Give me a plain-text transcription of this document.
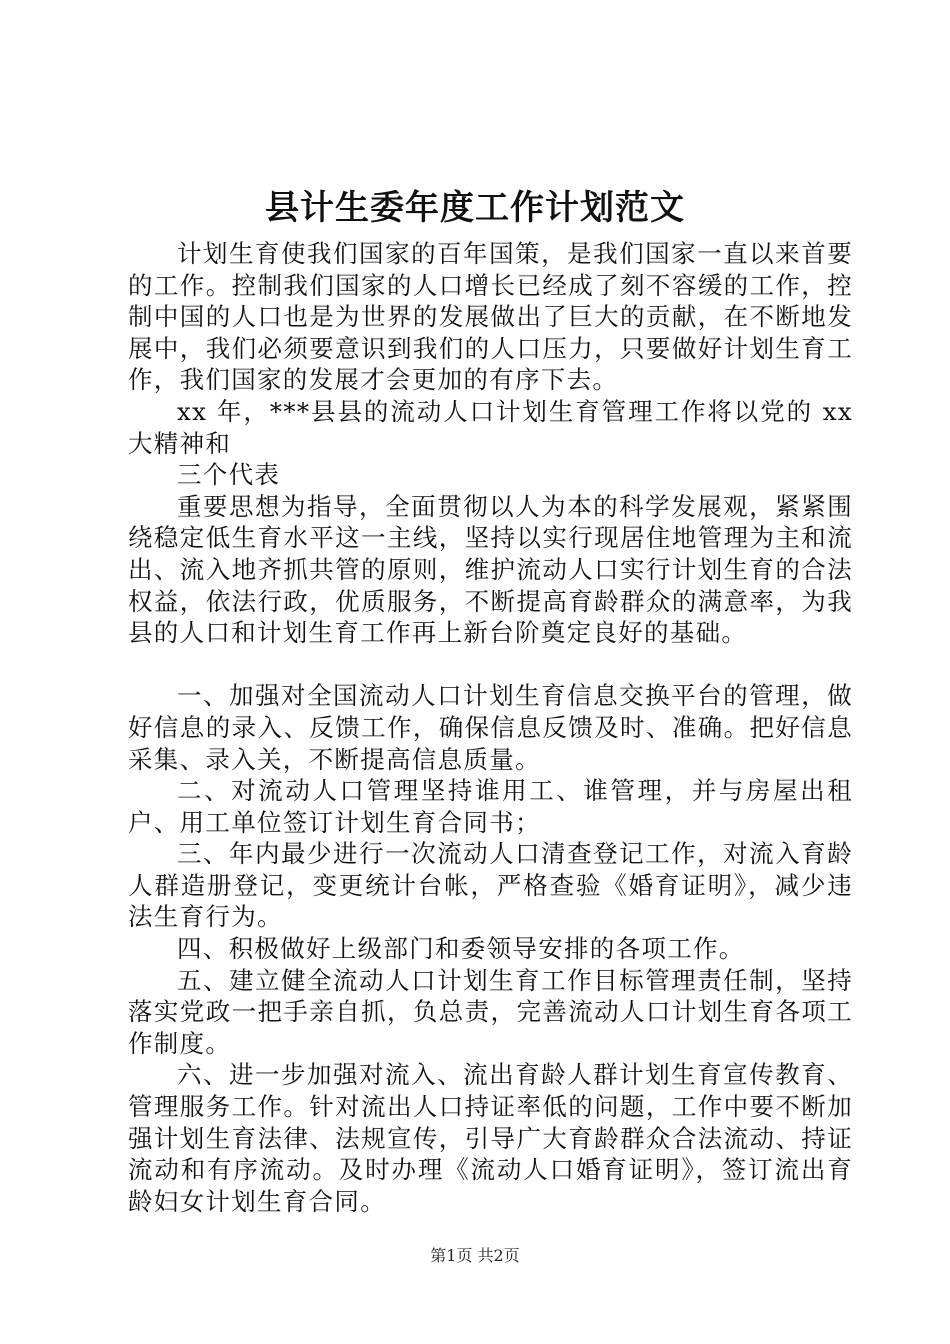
县计生委年度工作计划范文

计划生育使我们国家的百年国策，是我们国家一直以来首要的工作。控制我们国家的人口增长已经成了刻不容缓的工作，控制中国的人口也是为世界的发展做出了巨大的贡献，在不断地发展中，我们必须要意识到我们的人口压力，只要做好计划生育工作，我们国家的发展才会更加的有序下去。

xx 年，***县县的流动人口计划生育管理工作将以党的 xx 大精神和

三个代表

重要思想为指导，全面贯彻以人为本的科学发展观，紧紧围绕稳定低生育水平这一主线，坚持以实行现居住地管理为主和流出、流入地齐抓共管的原则，维护流动人口实行计划生育的合法权益，依法行政，优质服务，不断提高育龄群众的满意率，为我县的人口和计划生育工作再上新台阶奠定良好的基础。

一、加强对全国流动人口计划生育信息交换平台的管理，做好信息的录入、反馈工作，确保信息反馈及时、准确。把好信息采集、录入关，不断提高信息质量。

二、对流动人口管理坚持谁用工、谁管理，并与房屋出租户、用工单位签订计划生育合同书；

三、年内最少进行一次流动人口清查登记工作，对流入育龄人群造册登记，变更统计台帐，严格查验《婚育证明》，减少违法生育行为。

四、积极做好上级部门和委领导安排的各项工作。

五、建立健全流动人口计划生育工作目标管理责任制，坚持落实党政一把手亲自抓，负总责，完善流动人口计划生育各项工作制度。

六、进一步加强对流入、流出育龄人群计划生育宣传教育、管理服务工作。针对流出人口持证率低的问题，工作中要不断加强计划生育法律、法规宣传，引导广大育龄群众合法流动、持证流动和有序流动。及时办理《流动人口婚育证明》，签订流出育龄妇女计划生育合同。

第1页 共2页
